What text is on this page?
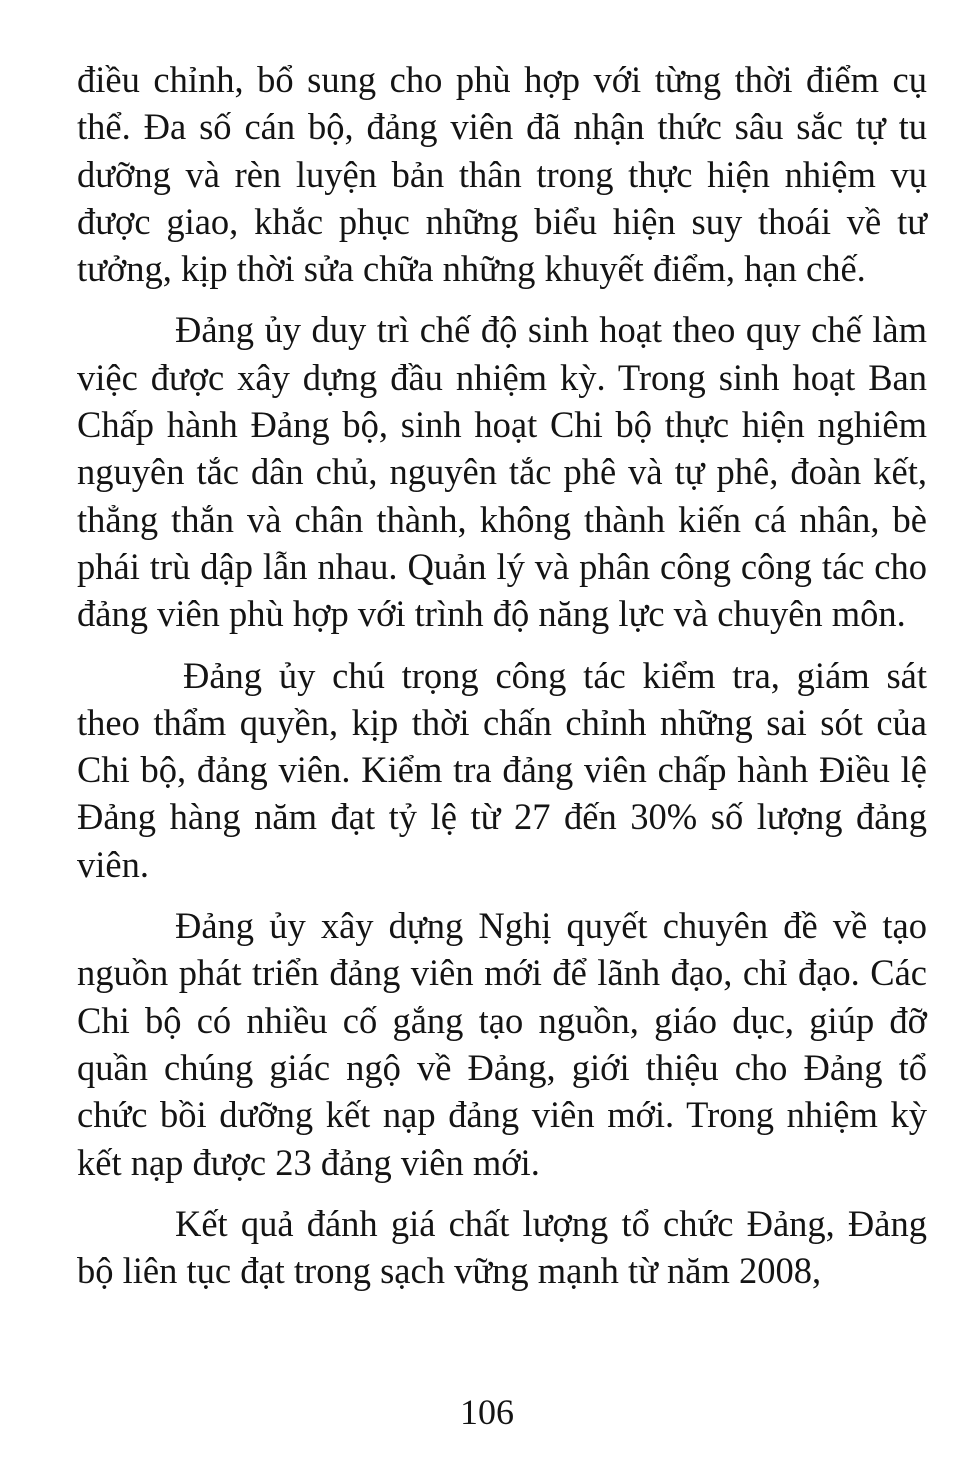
điều chỉnh, bổ sung cho phù hợp với từng thời điểm cụ thể. Đa số cán bộ, đảng viên đã nhận thức sâu sắc tự tu dưỡng và rèn luyện bản thân trong thực hiện nhiệm vụ được giao, khắc phục những biểu hiện suy thoái về tư tưởng, kịp thời sửa chữa những khuyết điểm, hạn chế.

Đảng ủy duy trì chế độ sinh hoạt theo quy chế làm việc được xây dựng đầu nhiệm kỳ. Trong sinh hoạt Ban Chấp hành Đảng bộ, sinh hoạt Chi bộ thực hiện nghiêm nguyên tắc dân chủ, nguyên tắc phê và tự phê, đoàn kết, thẳng thắn và chân thành, không thành kiến cá nhân, bè phái trù dập lẫn nhau. Quản lý và phân công công tác cho đảng viên phù hợp với trình độ năng lực và chuyên môn.

Đảng ủy chú trọng công tác kiểm tra, giám sát theo thẩm quyền, kịp thời chấn chỉnh những sai sót của Chi bộ, đảng viên. Kiểm tra đảng viên chấp hành Điều lệ Đảng hàng năm đạt tỷ lệ từ 27 đến 30% số lượng đảng viên.

Đảng ủy xây dựng Nghị quyết chuyên đề về tạo nguồn phát triển đảng viên mới để lãnh đạo, chỉ đạo. Các Chi bộ có nhiều cố gắng tạo nguồn, giáo dục, giúp đỡ quần chúng giác ngộ về Đảng, giới thiệu cho Đảng tổ chức bồi dưỡng kết nạp đảng viên mới. Trong nhiệm kỳ kết nạp được 23 đảng viên mới.

Kết quả đánh giá chất lượng tổ chức Đảng, Đảng bộ liên tục đạt trong sạch vững mạnh từ năm 2008,

106
